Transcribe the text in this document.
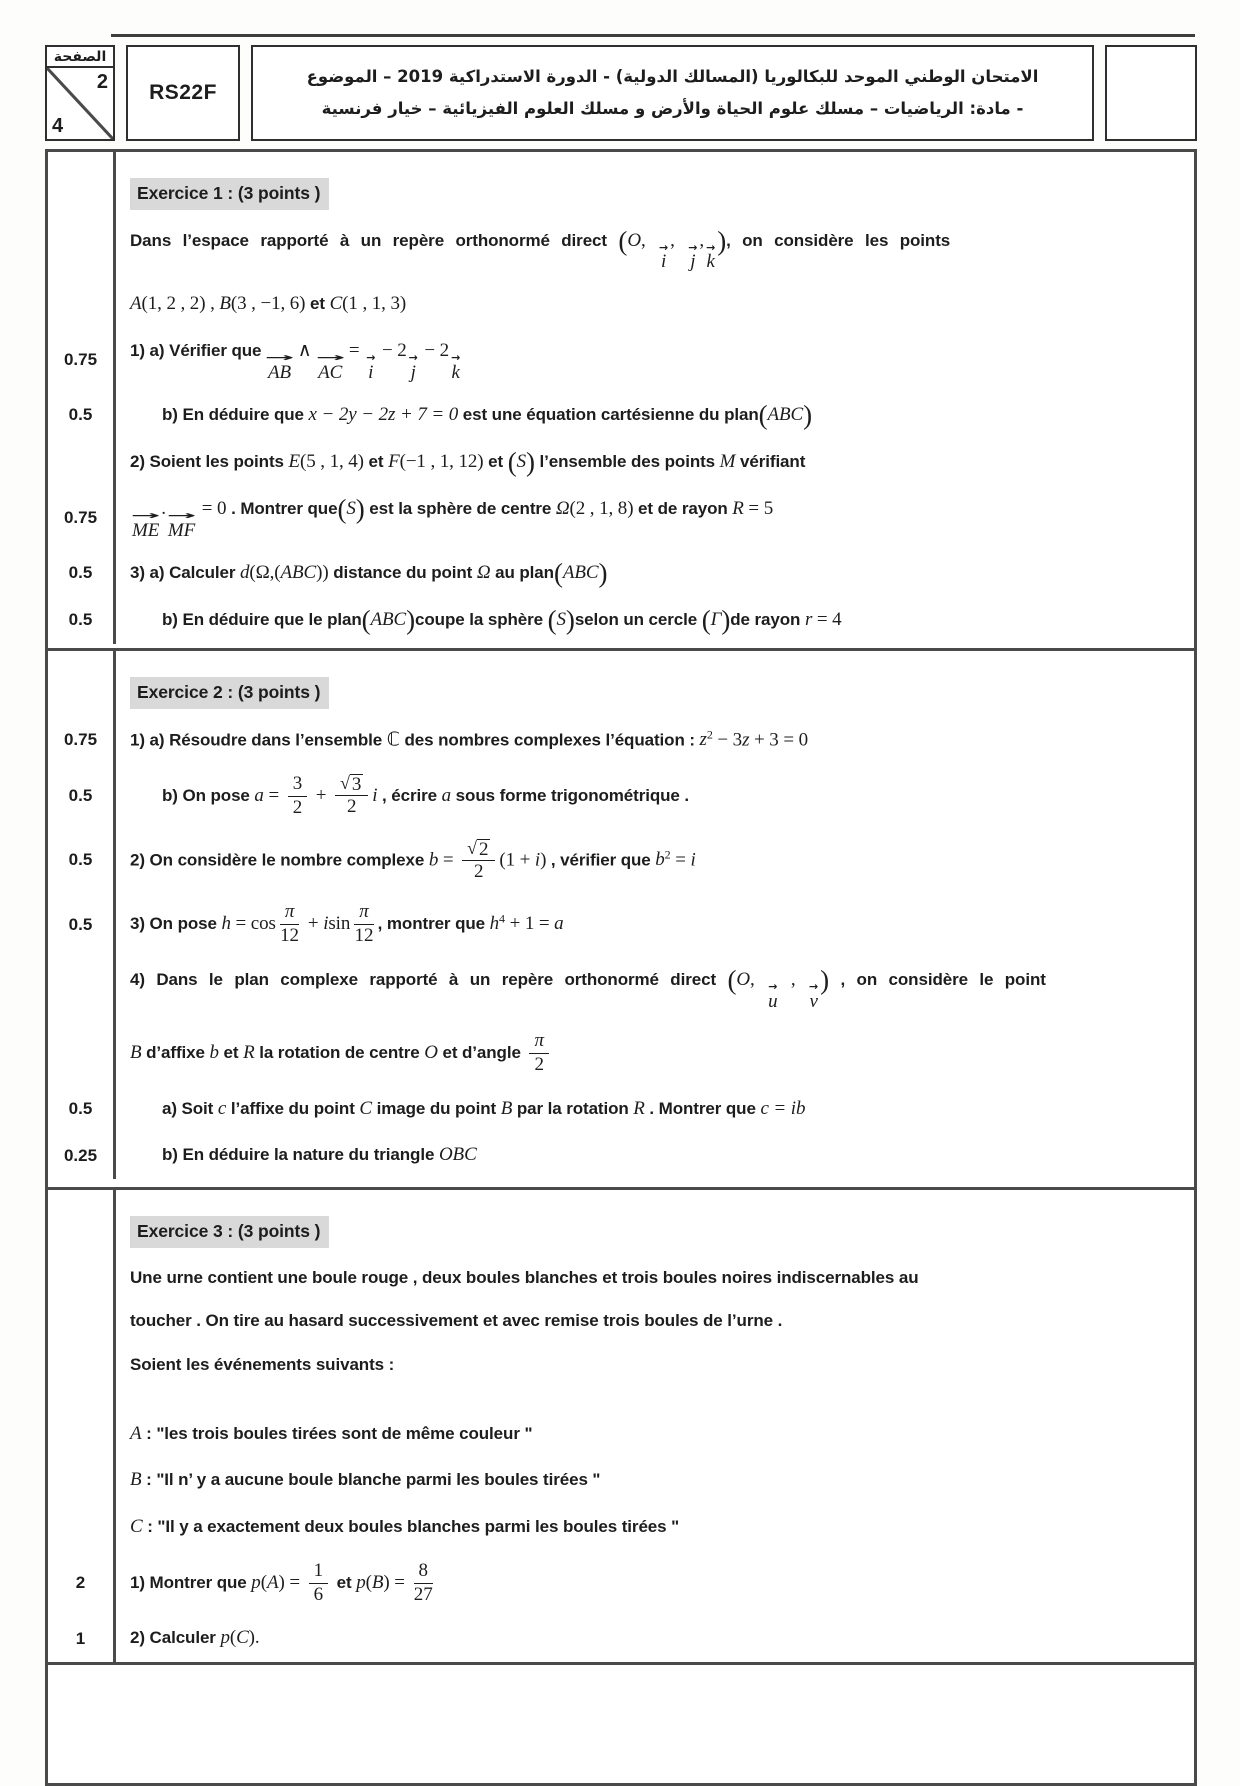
الصفحة
2
4
RS22F
الامتحان الوطني الموحد للبكالوريا (المسالك الدولية) - الدورة الاستدراكية 2019 – الموضوع
- مادة: الرياضيات – مسلك علوم الحياة والأرض و مسلك العلوم الفيزيائية – خيار فرنسية
Exercice 1 : (3 points )
Dans l’espace rapporté à un repère orthonormé direct (O, →
i
, →
j
, →
k
), on considère les points
A(1, 2 , 2) , B(3 , −1, 6) et C(1 , 1, 3)
0.75	1) a) Vérifier que
→
AB
∧ →
AC
= →
i
− 2 →
j
− 2 →
k
0.5	b) En déduire que x − 2y − 2z + 7 = 0 est une équation cartésienne du plan(ABC)
2) Soient les points E(5 , 1, 4) et F(−1 , 1, 12) et (S) l’ensemble des points M vérifiant
0.75	→
ME
. →
MF
= 0 . Montrer que(S) est la sphère de centre Ω(2 , 1, 8) et de rayon R = 5
0.5	3) a) Calculer d(Ω,(ABC)) distance du point Ω au plan(ABC)
0.5	b) En déduire que le plan(ABC)coupe la sphère (S)selon un cercle (Γ)de rayon r = 4
Exercice 2 : (3 points )
0.75	1) a) Résoudre dans l’ensemble ℂ des nombres complexes l’équation : $z^2 - 3z + 3 = 0$
0.5	b) On pose $a = \frac{3}{2} + \frac{√ 3}{2}$ i , écrire a sous forme trigonométrique .
0.5	2) On considère le nombre complexe $b = \frac{√ 2}{2} (1 + i)$ , vérifier que $b^2 = i$
0.5	3) On pose $h = \cos \frac{\pi}{12} + isin \frac{\pi}{12}$ , montrer que $h^4 + 1 = a$
4) Dans le plan complexe rapporté à un repère orthonormé direct (O, →
u
, →
v
) , on considère le point
B d’affixe b et R la rotation de centre O et d’angle $\frac{\pi}{2}$
0.5	a) Soit c l’affixe du point C image du point B par la rotation R . Montrer que c = ib
0.25	b) En déduire la nature du triangle OBC
Exercice 3 : (3 points )
Une urne contient une boule rouge , deux boules blanches et trois boules noires indiscernables au
toucher . On tire au hasard successivement et avec remise trois boules de l’urne .
Soient les événements suivants :
A : "les trois boules tirées sont de même couleur "
B : "Il n’ y a aucune boule blanche parmi les boules tirées "
C : "Il y a exactement deux boules blanches parmi les boules tirées "
2	1) Montrer que $p(A) = \frac{1}{6}$ et $p(B) = \frac{8}{27}$
1	2) Calculer p(C).
